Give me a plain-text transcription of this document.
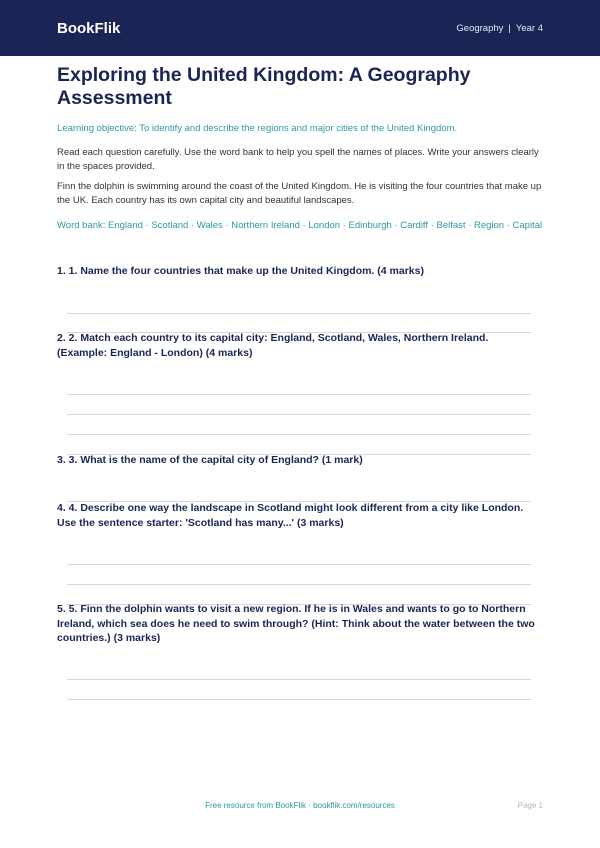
BookFlik	Geography | Year 4
Exploring the United Kingdom: A Geography Assessment
Learning objective: To identify and describe the regions and major cities of the United Kingdom.
Read each question carefully. Use the word bank to help you spell the names of places. Write your answers clearly in the spaces provided.
Finn the dolphin is swimming around the coast of the United Kingdom. He is visiting the four countries that make up the UK. Each country has its own capital city and beautiful landscapes.
Word bank: England · Scotland · Wales · Northern Ireland · London · Edinburgh · Cardiff · Belfast · Region · Capital
1. 1. Name the four countries that make up the United Kingdom. (4 marks)
2. 2. Match each country to its capital city: England, Scotland, Wales, Northern Ireland. (Example: England - London) (4 marks)
3. 3. What is the name of the capital city of England? (1 mark)
4. 4. Describe one way the landscape in Scotland might look different from a city like London. Use the sentence starter: 'Scotland has many...' (3 marks)
5. 5. Finn the dolphin wants to visit a new region. If he is in Wales and wants to go to Northern Ireland, which sea does he need to swim through? (Hint: Think about the water between the two countries.) (3 marks)
Free resource from BookFlik · bookflik.com/resources	Page 1
